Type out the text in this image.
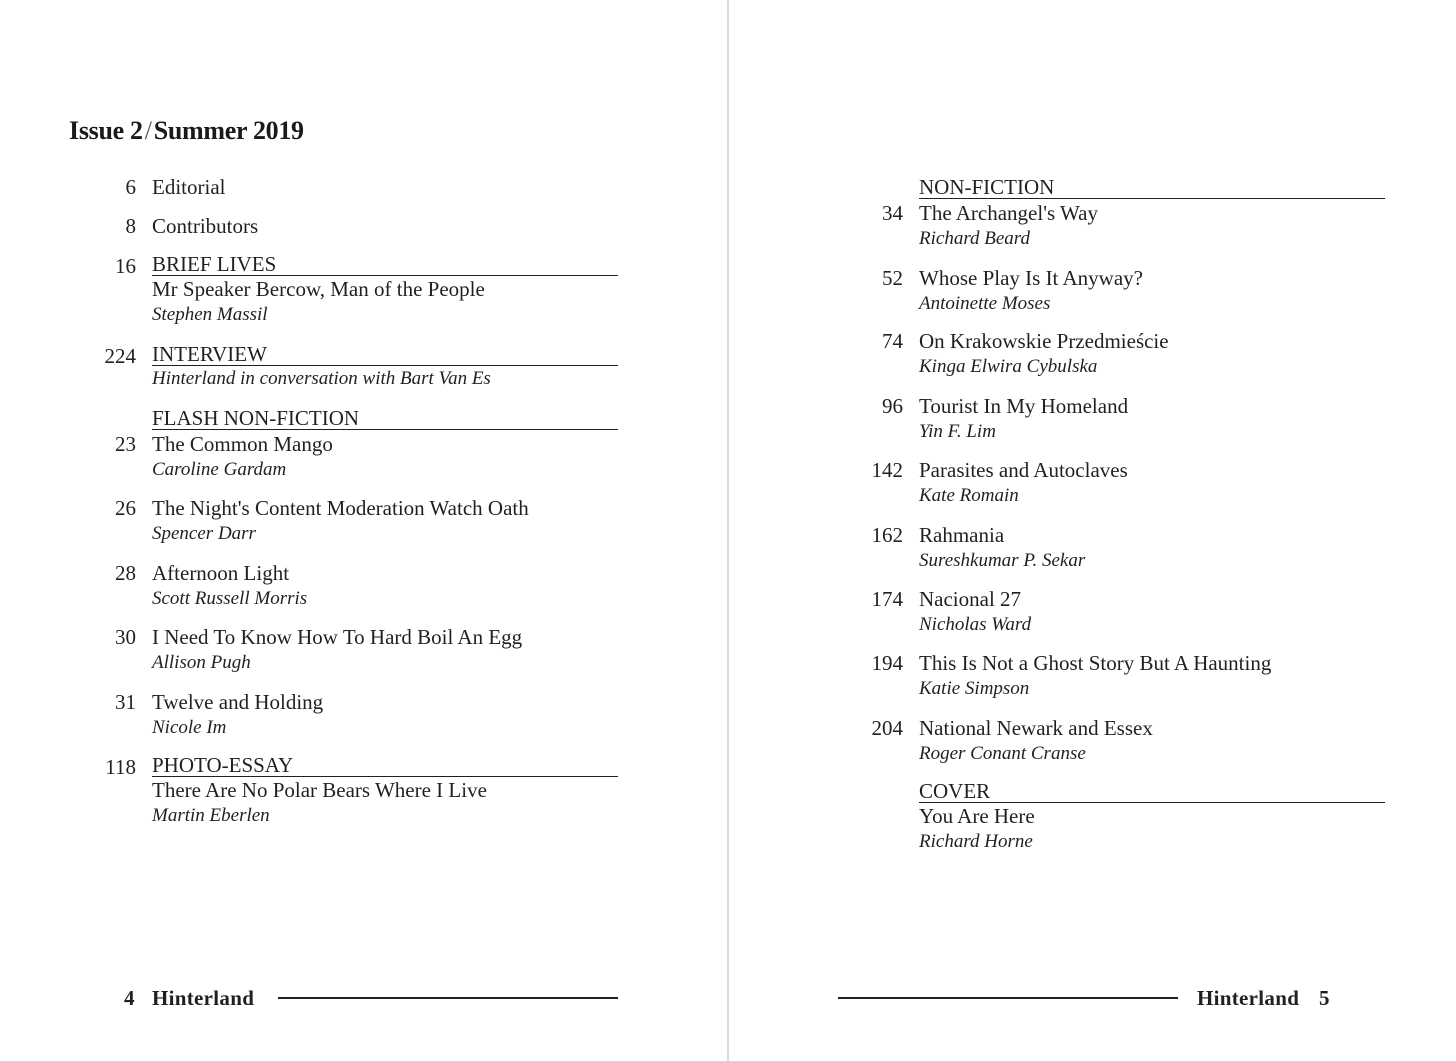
Issue 2/Summer 2019
6 Editorial
8 Contributors
16 BRIEF LIVES
Mr Speaker Bercow, Man of the People
Stephen Massil
224 INTERVIEW
Hinterland in conversation with Bart Van Es
FLASH NON-FICTION
23 The Common Mango
Caroline Gardam
26 The Night's Content Moderation Watch Oath
Spencer Darr
28 Afternoon Light
Scott Russell Morris
30 I Need To Know How To Hard Boil An Egg
Allison Pugh
31 Twelve and Holding
Nicole Im
118 PHOTO-ESSAY
There Are No Polar Bears Where I Live
Martin Eberlen
4 Hinterland
NON-FICTION
34 The Archangel's Way
Richard Beard
52 Whose Play Is It Anyway?
Antoinette Moses
74 On Krakowskie Przedmieście
Kinga Elwira Cybulska
96 Tourist In My Homeland
Yin F. Lim
142 Parasites and Autoclaves
Kate Romain
162 Rahmania
Sureshkumar P. Sekar
174 Nacional 27
Nicholas Ward
194 This Is Not a Ghost Story But A Haunting
Katie Simpson
204 National Newark and Essex
Roger Conant Cranse
COVER
You Are Here
Richard Horne
Hinterland 5
